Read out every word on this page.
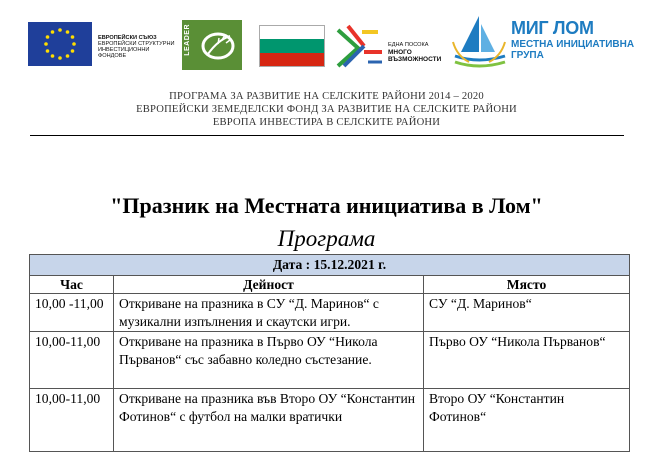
ЕВРОПЕЙСКИ СЪЮЗ
ЕВРОПЕЙСКИ СТРУКТУРНИ
ИНВЕСТИЦИОННИ
ФОНДОВЕ
LEADER	ЕДНА ПОСОКА
МНОГО
ВЪЗМОЖНОСТИ
МИГ ЛОМ
МЕСТНА ИНИЦИАТИВНА
ГРУПА
ПРОГРАМА ЗА РАЗВИТИЕ НА СЕЛСКИТЕ РАЙОНИ 2014 – 2020
ЕВРОПЕЙСКИ ЗЕМЕДЕЛСКИ ФОНД ЗА РАЗВИТИЕ НА СЕЛСКИТЕ РАЙОНИ
ЕВРОПА ИНВЕСТИРА В СЕЛСКИТЕ РАЙОНИ
"Празник на Местната инициатива в Лом"
Програма
Дата : 15.12.2021 г.		
Час	Дейност	Място
10,00 -11,00	Откриване на празника в СУ “Д. Маринов“ с музикални изпълнения и скаутски игри.	СУ “Д. Маринов“
10,00-11,00	Откриване на празника в Първо ОУ “Никола Първанов“ със забавно коледно състезание.	Първо ОУ “Никола Първанов“
10,00-11,00	Откриване на празника във Второ ОУ “Константин Фотинов“ с футбол на малки вратички	Второ ОУ “Константин Фотинов“
